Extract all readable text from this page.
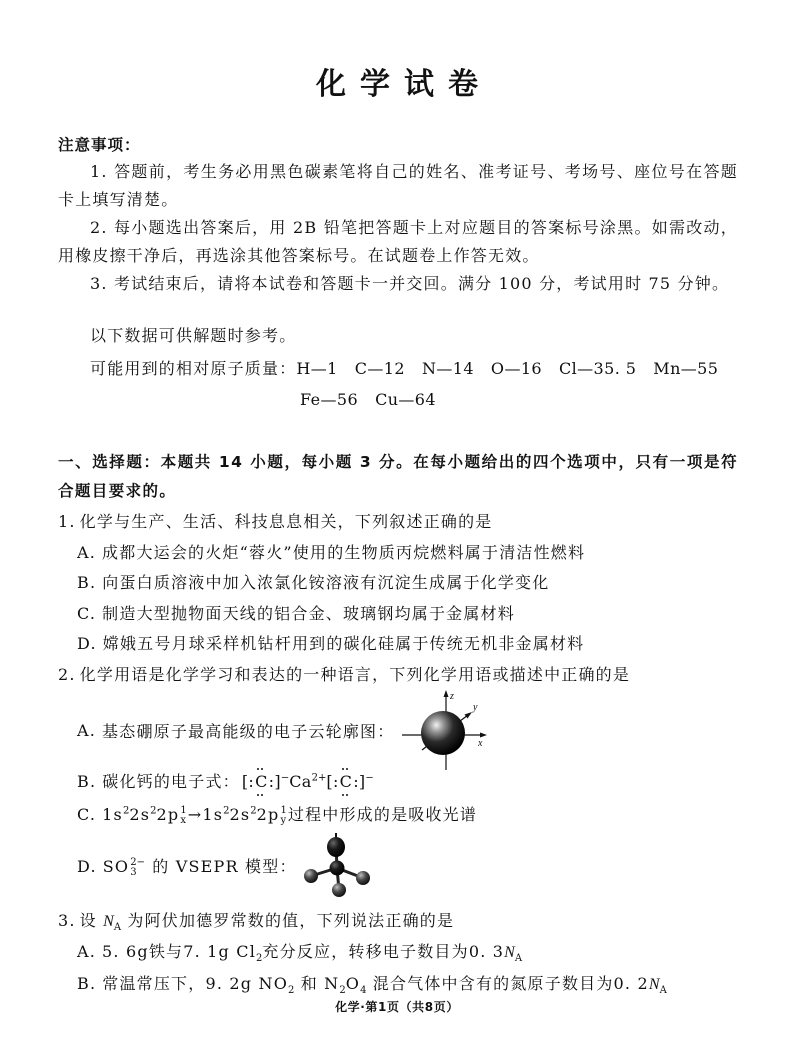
化学试卷
注意事项：

1. 答题前，考生务必用黑色碳素笔将自己的姓名、准考证号、考场号、座位号在答题卡上填写清楚。

2. 每小题选出答案后，用 2B 铅笔把答题卡上对应题目的答案标号涂黑。如需改动，用橡皮擦干净后，再选涂其他答案标号。在试题卷上作答无效。

3. 考试结束后，请将本试卷和答题卡一并交回。满分 100 分，考试用时 75 分钟。

以下数据可供解题时参考。
可能用到的相对原子质量：H—1 C—12 N—14 O—16 Cl—35. 5 Mn—55
Fe—56 Cu—64

一、选择题：本题共 14 小题，每小题 3 分。在每小题给出的四个选项中，只有一项是符合题目要求的。

1. 化学与生产、生活、科技息息相关，下列叙述正确的是
A. 成都大运会的火炬“蓉火”使用的生物质丙烷燃料属于清洁性燃料
B. 向蛋白质溶液中加入浓氯化铵溶液有沉淀生成属于化学变化
C. 制造大型抛物面天线的铝合金、玻璃钢均属于金属材料
D. 嫦娥五号月球采样机钻杆用到的碳化硅属于传统无机非金属材料
2. 化学用语是化学学习和表达的一种语言，下列化学用语或描述中正确的是
A. 基态硼原子最高能级的电子云轮廓图：
z
y
x
B. 碳化钙的电子式： $[:C:]^-Ca^{2+}[:C:]^-$
C. $1s^22s^22p$ 1
$x \to 1s^22s^22p$ 1
y 过程中形成的是吸收光谱
D. SO 2−
3 的 VSEPR 模型：
3. 设 $N_A$ 为阿伏加德罗常数的值，下列说法正确的是
A. 5. 6g铁与7. 1g $Cl_2$充分反应，转移电子数目为0. $3N_A$
B. 常温常压下，9. 2g $NO_2$ 和 $N_2O_4$ 混合气体中含有的氮原子数目为0. $2N_A$
化学·第1页（共8页）
